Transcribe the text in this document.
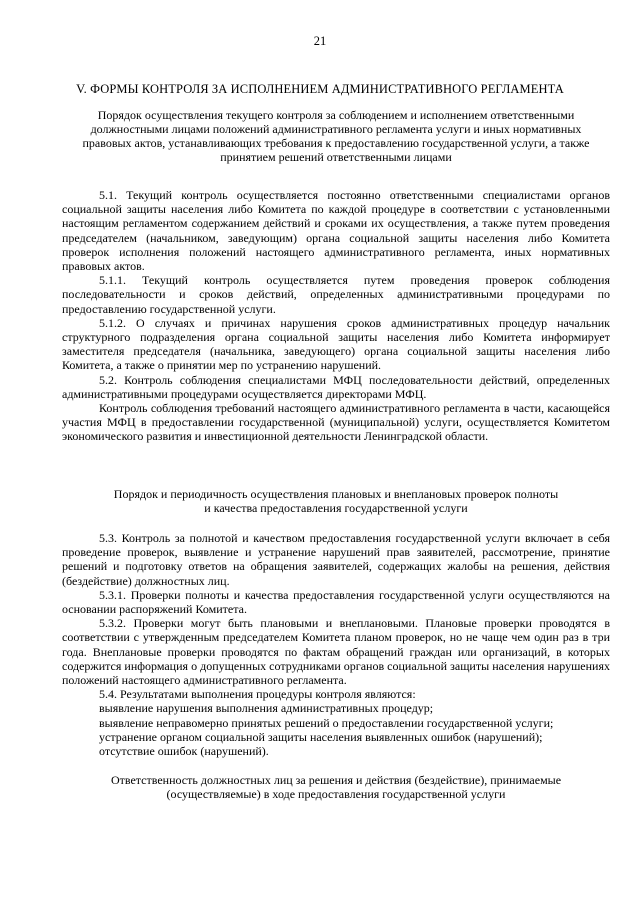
21
V. ФОРМЫ КОНТРОЛЯ ЗА ИСПОЛНЕНИЕМ АДМИНИСТРАТИВНОГО РЕГЛАМЕНТА

Порядок осуществления текущего контроля за соблюдением и исполнением ответственными должностными лицами положений административного регламента услуги и иных нормативных правовых актов, устанавливающих требования к предоставлению государственной услуги, а также принятием решений ответственными лицами

5.1. Текущий контроль осуществляется постоянно ответственными специалистами органов социальной защиты населения либо Комитета по каждой процедуре в соответствии с установленными настоящим регламентом содержанием действий и сроками их осуществления, а также путем проведения председателем (начальником, заведующим) органа социальной защиты населения либо Комитета проверок исполнения положений настоящего административного регламента, иных нормативных правовых актов.

5.1.1. Текущий контроль осуществляется путем проведения проверок соблюдения последовательности и сроков действий, определенных административными процедурами по предоставлению государственной услуги.

5.1.2. О случаях и причинах нарушения сроков административных процедур начальник структурного подразделения органа социальной защиты населения либо Комитета информирует заместителя председателя (начальника, заведующего) органа социальной защиты населения либо Комитета, а также о принятии мер по устранению нарушений.

5.2. Контроль соблюдения специалистами МФЦ последовательности действий, определенных административными процедурами осуществляется директорами МФЦ.

Контроль соблюдения требований настоящего административного регламента в части, касающейся участия МФЦ в предоставлении государственной (муниципальной) услуги, осуществляется Комитетом экономического развития и инвестиционной деятельности Ленинградской области.

Порядок и периодичность осуществления плановых и внеплановых проверок полноты и качества предоставления государственной услуги

5.3. Контроль за полнотой и качеством предоставления государственной услуги включает в себя проведение проверок, выявление и устранение нарушений прав заявителей, рассмотрение, принятие решений и подготовку ответов на обращения заявителей, содержащих жалобы на решения, действия (бездействие) должностных лиц.

5.3.1. Проверки полноты и качества предоставления государственной услуги осуществляются на основании распоряжений Комитета.

5.3.2. Проверки могут быть плановыми и внеплановыми. Плановые проверки проводятся в соответствии с утвержденным председателем Комитета планом проверок, но не чаще чем один раз в три года. Внеплановые проверки проводятся по фактам обращений граждан или организаций, в которых содержится информация о допущенных сотрудниками органов социальной защиты населения нарушениях положений настоящего административного регламента.

5.4. Результатами выполнения процедуры контроля являются:

выявление нарушения выполнения административных процедур;

выявление неправомерно принятых решений о предоставлении государственной услуги;

устранение органом социальной защиты населения выявленных ошибок (нарушений);

отсутствие ошибок (нарушений).

Ответственность должностных лиц за решения и действия (бездействие), принимаемые (осуществляемые) в ходе предоставления государственной услуги
